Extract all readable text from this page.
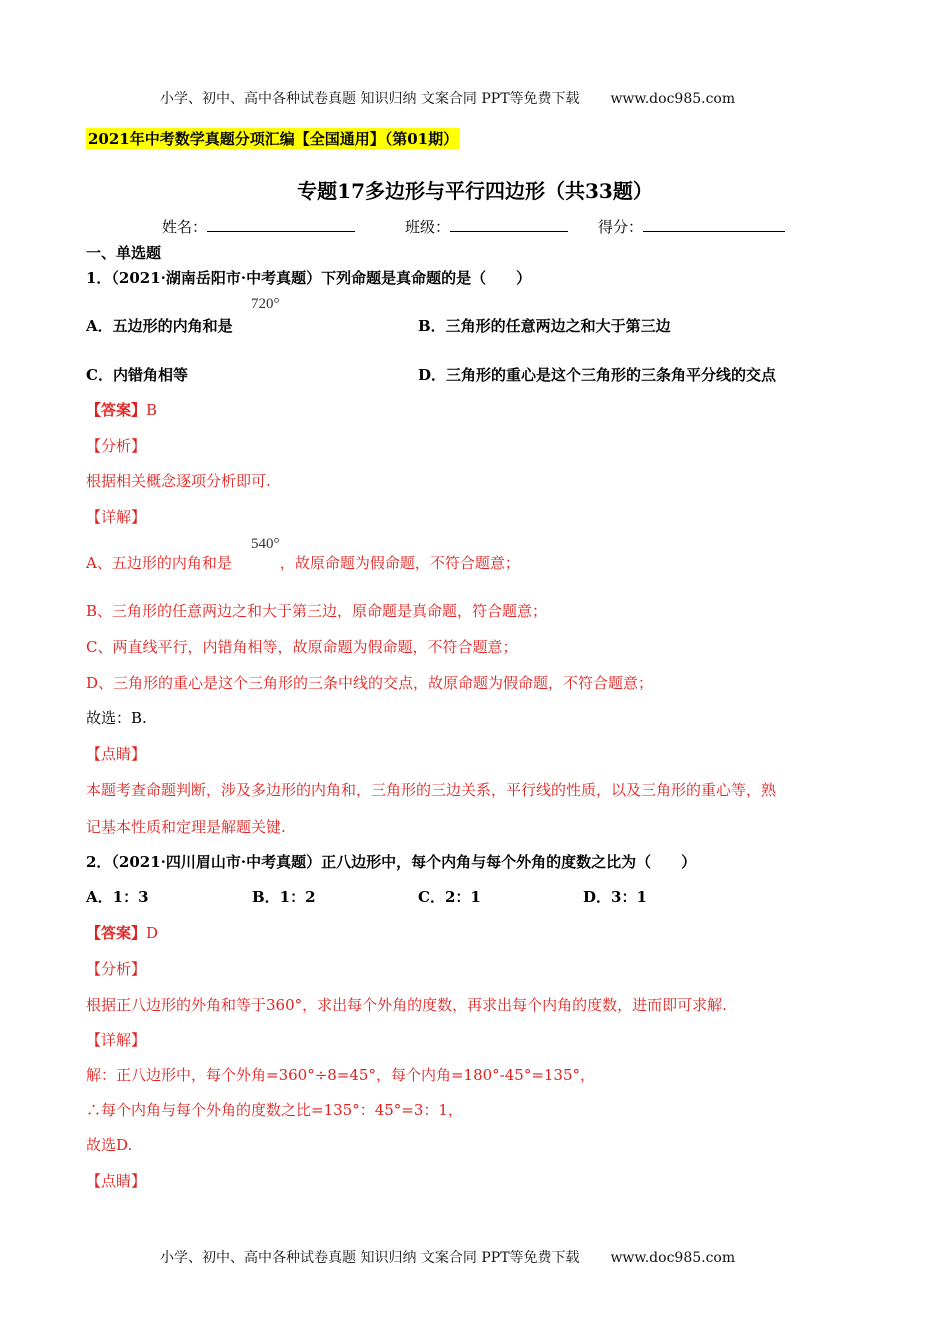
小学、初中、高中各种试卷真题 知识归纳 文案合同 PPT等免费下载 www.doc985.com
2021年中考数学真题分项汇编【全国通用】（第01期）
专题17多边形与平行四边形（共33题）
姓名：	班级：	得分：
一、单选题
1．（2021·湖南岳阳市·中考真题）下列命题是真命题的是（　　）
720°
A．五边形的内角和是	B．三角形的任意两边之和大于第三边
C．内错角相等	D．三角形的重心是这个三角形的三条角平分线的交点
【答案】B
【分析】
根据相关概念逐项分析即可.
【详解】
540°
A、五边形的内角和是	，故原命题为假命题，不符合题意；
B、三角形的任意两边之和大于第三边，原命题是真命题，符合题意；
C、两直线平行，内错角相等，故原命题为假命题，不符合题意；
D、三角形的重心是这个三角形的三条中线的交点，故原命题为假命题，不符合题意；
故选：B.
【点睛】
本题考查命题判断，涉及多边形的内角和，三角形的三边关系，平行线的性质，以及三角形的重心等，熟
记基本性质和定理是解题关键.
2．（2021·四川眉山市·中考真题）正八边形中，每个内角与每个外角的度数之比为（　　）
A．1：3	B．1：2	C．2：1	D．3：1
【答案】D
【分析】
根据正八边形的外角和等于360°，求出每个外角的度数，再求出每个内角的度数，进而即可求解.
【详解】
解：正八边形中，每个外角=360°÷8=45°，每个内角=180°-45°=135°，
∴每个内角与每个外角的度数之比=135°：45°=3：1，
故选D.
【点睛】
小学、初中、高中各种试卷真题 知识归纳 文案合同 PPT等免费下载 www.doc985.com
